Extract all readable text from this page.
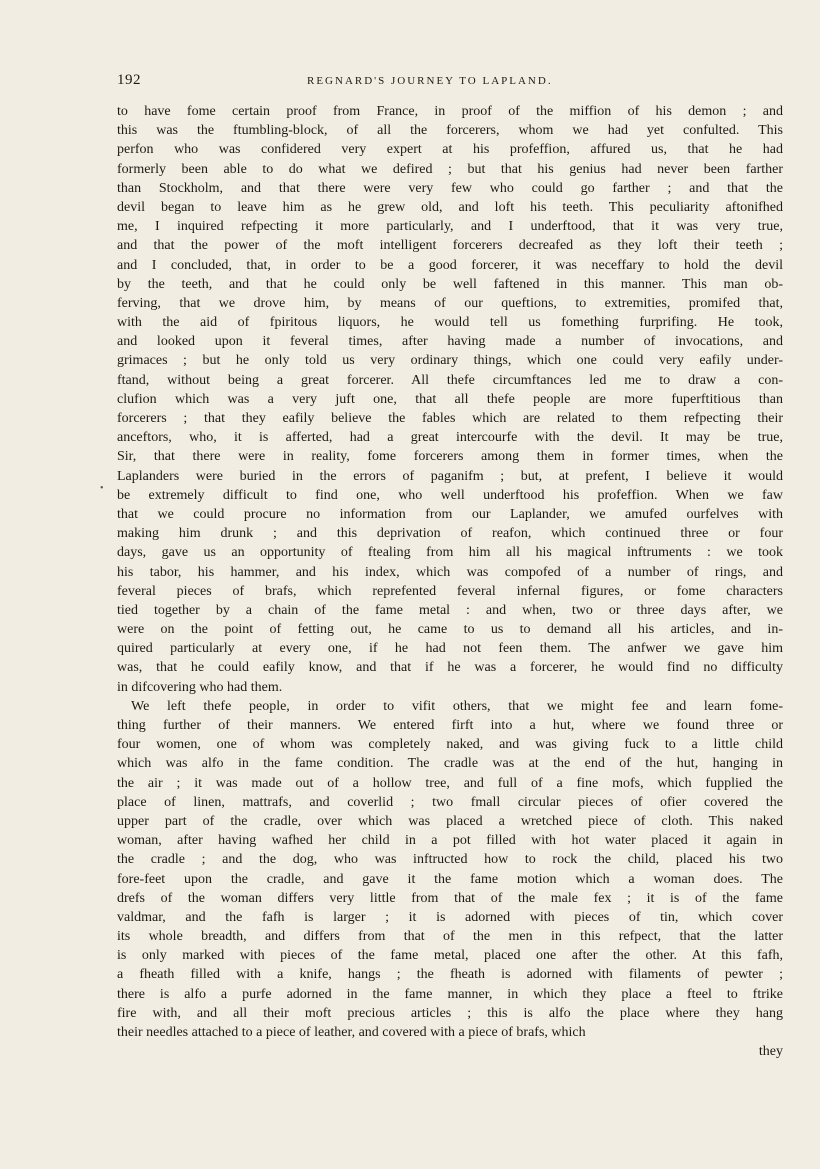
192	REGNARD'S JOURNEY TO LAPLAND.
•
to have fome certain proof from France, in proof of the miffion of his demon ; and
this was the ftumbling-block, of all the forcerers, whom we had yet confulted. This
perfon who was confidered very expert at his profeffion, affured us, that he had
formerly been able to do what we defired ; but that his genius had never been farther
than Stockholm, and that there were very few who could go farther ; and that the
devil began to leave him as he grew old, and loft his teeth. This peculiarity aftonifhed
me, I inquired refpecting it more particularly, and I underftood, that it was very true,
and that the power of the moft intelligent forcerers decreafed as they loft their teeth ;
and I concluded, that, in order to be a good forcerer, it was neceffary to hold the devil
by the teeth, and that he could only be well faftened in this manner. This man ob-
ferving, that we drove him, by means of our queftions, to extremities, promifed that,
with the aid of fpiritous liquors, he would tell us fomething furprifing. He took,
and looked upon it feveral times, after having made a number of invocations, and
grimaces ; but he only told us very ordinary things, which one could very eafily under-
ftand, without being a great forcerer. All thefe circumftances led me to draw a con-
clufion which was a very juft one, that all thefe people are more fuperftitious than
forcerers ; that they eafily believe the fables which are related to them refpecting their
anceftors, who, it is afferted, had a great intercourfe with the devil. It may be true,
Sir, that there were in reality, fome forcerers among them in former times, when the
Laplanders were buried in the errors of paganifm ; but, at prefent, I believe it would
be extremely difficult to find one, who well underftood his profeffion. When we faw
that we could procure no information from our Laplander, we amufed ourfelves with
making him drunk ; and this deprivation of reafon, which continued three or four
days, gave us an opportunity of ftealing from him all his magical inftruments : we took
his tabor, his hammer, and his index, which was compofed of a number of rings, and
feveral pieces of brafs, which reprefented feveral infernal figures, or fome characters
tied together by a chain of the fame metal : and when, two or three days after, we
were on the point of fetting out, he came to us to demand all his articles, and in-
quired particularly at every one, if he had not feen them. The anfwer we gave him
was, that he could eafily know, and that if he was a forcerer, he would find no difficulty
in difcovering who had them.
We left thefe people, in order to vifit others, that we might fee and learn fome-
thing further of their manners. We entered firft into a hut, where we found three or
four women, one of whom was completely naked, and was giving fuck to a little child
which was alfo in the fame condition. The cradle was at the end of the hut, hanging in
the air ; it was made out of a hollow tree, and full of a fine mofs, which fupplied the
place of linen, mattrafs, and coverlid ; two fmall circular pieces of ofier covered the
upper part of the cradle, over which was placed a wretched piece of cloth. This naked
woman, after having wafhed her child in a pot filled with hot water placed it again in
the cradle ; and the dog, who was inftructed how to rock the child, placed his two
fore-feet upon the cradle, and gave it the fame motion which a woman does. The
drefs of the woman differs very little from that of the male fex ; it is of the fame
valdmar, and the fafh is larger ; it is adorned with pieces of tin, which cover
its whole breadth, and differs from that of the men in this refpect, that the latter
is only marked with pieces of the fame metal, placed one after the other. At this fafh,
a fheath filled with a knife, hangs ; the fheath is adorned with filaments of pewter ;
there is alfo a purfe adorned in the fame manner, in which they place a fteel to ftrike
fire with, and all their moft precious articles ; this is alfo the place where they hang
their needles attached to a piece of leather, and covered with a piece of brafs, which
they
